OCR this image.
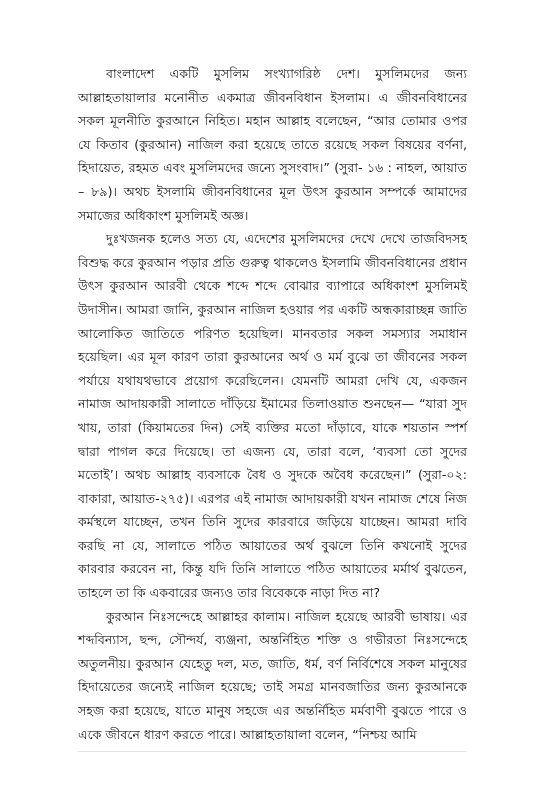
বাংলাদেশ একটি মুসলিম সংখ্যাগরিষ্ঠ দেশ। মুসলিমদের জন্য আল্লাহতায়ালার মনোনীত একমাত্র জীবনবিধান ইসলাম। এ জীবনবিধানের সকল মূলনীতি কুরআনে নিহিত। মহান আল্লাহ বলেছেন, “আর তোমার ওপর যে কিতাব (কুরআন) নাজিল করা হয়েছে তাতে রয়েছে সকল বিষয়ের বর্ণনা, হিদায়েত, রহমত এবং মুসলিমদের জন্যে সুসংবাদ।” (সুরা- ১৬ : নাহল, আয়াত – ৮৯)। অথচ ইসলামি জীবনবিধানের মূল উৎস কুরআন সম্পর্কে আমাদের সমাজের অধিকাংশ মুসলিমই অজ্ঞ।

দুঃখজনক হলেও সত্য যে, এদেশের মুসলিমদের দেখে দেখে তাজবিদসহ বিশুদ্ধ করে কুরআন পড়ার প্রতি গুরুত্ব থাকলেও ইসলামি জীবনবিধানের প্রধান উৎস কুরআন আরবী থেকে শব্দে শব্দে বোঝার ব্যাপারে অধিকাংশ মুসলিমই উদাসীন। আমরা জানি, কুরআন নাজিল হওয়ার পর একটি অন্ধকারাচ্ছন্ন জাতি আলোকিত জাতিতে পরিণত হয়েছিল। মানবতার সকল সমস্যার সমাধান হয়েছিল। এর মূল কারণ তারা কুরআনের অর্থ ও মর্ম বুঝে তা জীবনের সকল পর্যায়ে যথাযথভাবে প্রয়োগ করেছিলেন। যেমনটি আমরা দেখি যে, একজন নামাজ আদায়কারী সালাতে দাঁড়িয়ে ইমামের তিলাওয়াত শুনছেন— “যারা সুদ খায়, তারা (কিয়ামতের দিন) সেই ব্যক্তির মতো দাঁড়াবে, যাকে শয়তান স্পর্শ দ্বারা পাগল করে দিয়েছে। তা এজন্য যে, তারা বলে, ‘ব্যবসা তো সুদের মতোই’। অথচ আল্লাহ ব্যবসাকে বৈধ ও সুদকে অবৈধ করেছেন।” (সুরা-০২: বাকারা, আয়াত-২৭৫)। এরপর এই নামাজ আদায়কারী যখন নামাজ শেষে নিজ কর্মস্থলে যাচ্ছেন, তখন তিনি সুদের কারবারে জড়িয়ে যাচ্ছেন। আমরা দাবি করছি না যে, সালাতে পঠিত আয়াতের অর্থ বুঝলে তিনি কখনোই সুদের কারবার করবেন না, কিন্তু যদি তিনি সালাতে পঠিত আয়াতের মর্মার্থ বুঝতেন, তাহলে তা কি একবারের জন্যও তার বিবেককে নাড়া দিত না?

কুরআন নিঃসন্দেহে আল্লাহর কালাম। নাজিল হয়েছে আরবী ভাষায়। এর শব্দবিন্যাস, ছন্দ, সৌন্দর্য, ব্যঞ্জনা, অন্তর্নিহিত শক্তি ও গভীরতা নিঃসন্দেহে অতুলনীয়। কুরআন যেহেতু দল, মত, জাতি, ধর্ম, বর্ণ নির্বিশেষে সকল মানুষের হিদায়েতের জন্যেই নাজিল হয়েছে; তাই সমগ্র মানবজাতির জন্য কুরআনকে সহজ করা হয়েছে, যাতে মানুষ সহজে এর অন্তর্নিহিত মর্মবাণী বুঝতে পারে ও একে জীবনে ধারণ করতে পারে। আল্লাহতায়ালা বলেন, “নিশ্চয় আমি
